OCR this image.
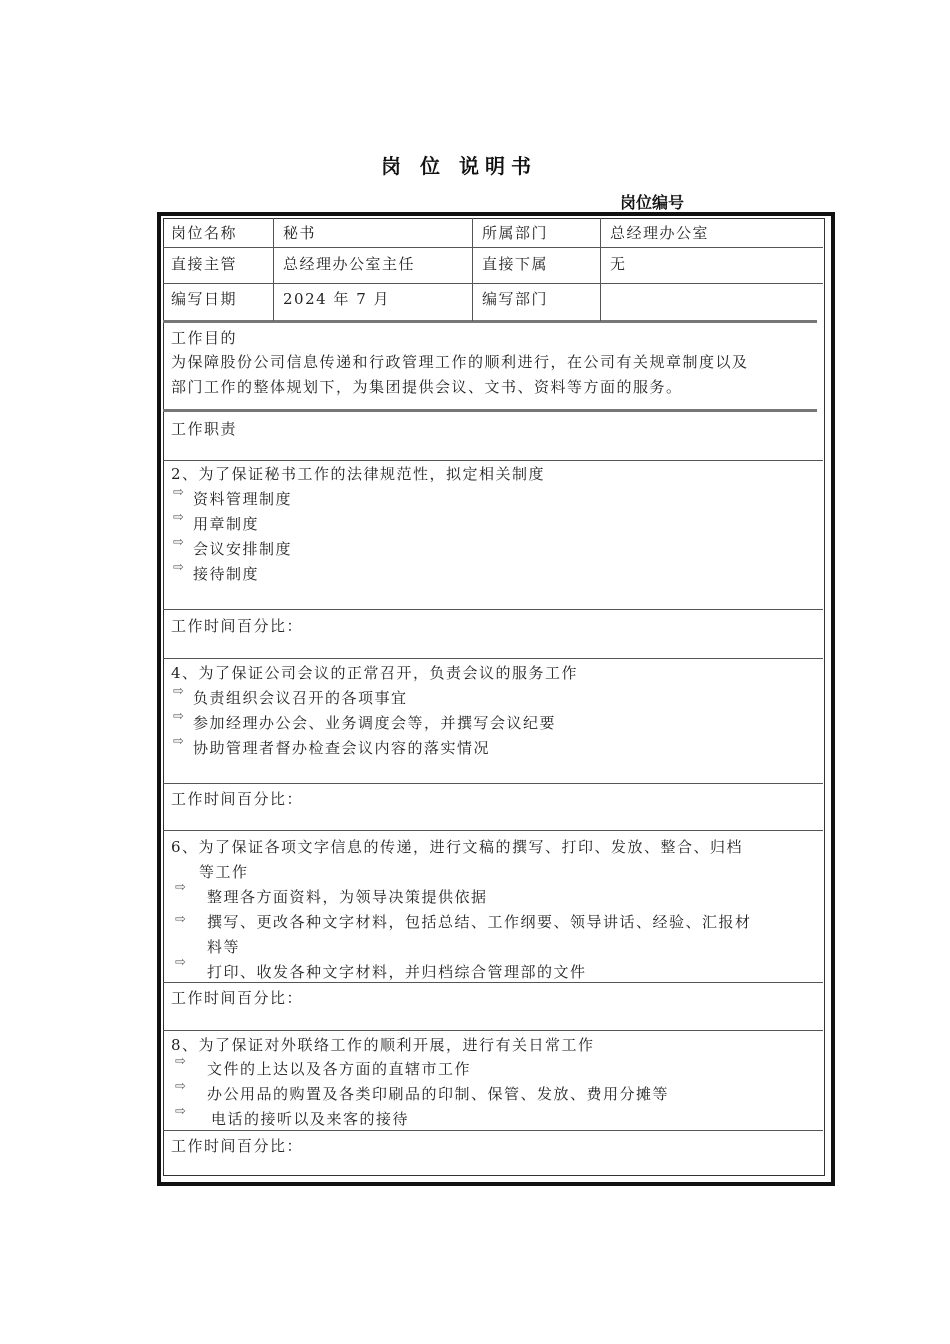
岗 位 说明书
岗位编号
岗位名称	秘书	所属部门	总经理办公室
直接主管	总经理办公室主任	直接下属	无
编写日期	2024 年 7 月	编写部门
工作目的
为保障股份公司信息传递和行政管理工作的顺利进行，在公司有关规章制度以及
部门工作的整体规划下，为集团提供会议、文书、资料等方面的服务。
工作职责
2、为了保证秘书工作的法律规范性，拟定相关制度
⇨ 资料管理制度
⇨ 用章制度
⇨ 会议安排制度
⇨ 接待制度
工作时间百分比：
4、为了保证公司会议的正常召开，负责会议的服务工作
⇨ 负责组织会议召开的各项事宜
⇨ 参加经理办公会、业务调度会等，并撰写会议纪要
⇨ 协助管理者督办检查会议内容的落实情况
工作时间百分比：
6、为了保证各项文字信息的传递，进行文稿的撰写、打印、发放、整合、归档
等工作
⇨
整理各方面资料，为领导决策提供依据
⇨ 撰写、更改各种文字材料，包括总结、工作纲要、领导讲话、经验、汇报材
料等
⇨
打印、收发各种文字材料，并归档综合管理部的文件
工作时间百分比：
8、为了保证对外联络工作的顺利开展，进行有关日常工作
⇨ 文件的上达以及各方面的直辖市工作
⇨ 办公用品的购置及各类印刷品的印制、保管、发放、费用分摊等
⇨ 电话的接听以及来客的接待
工作时间百分比：
